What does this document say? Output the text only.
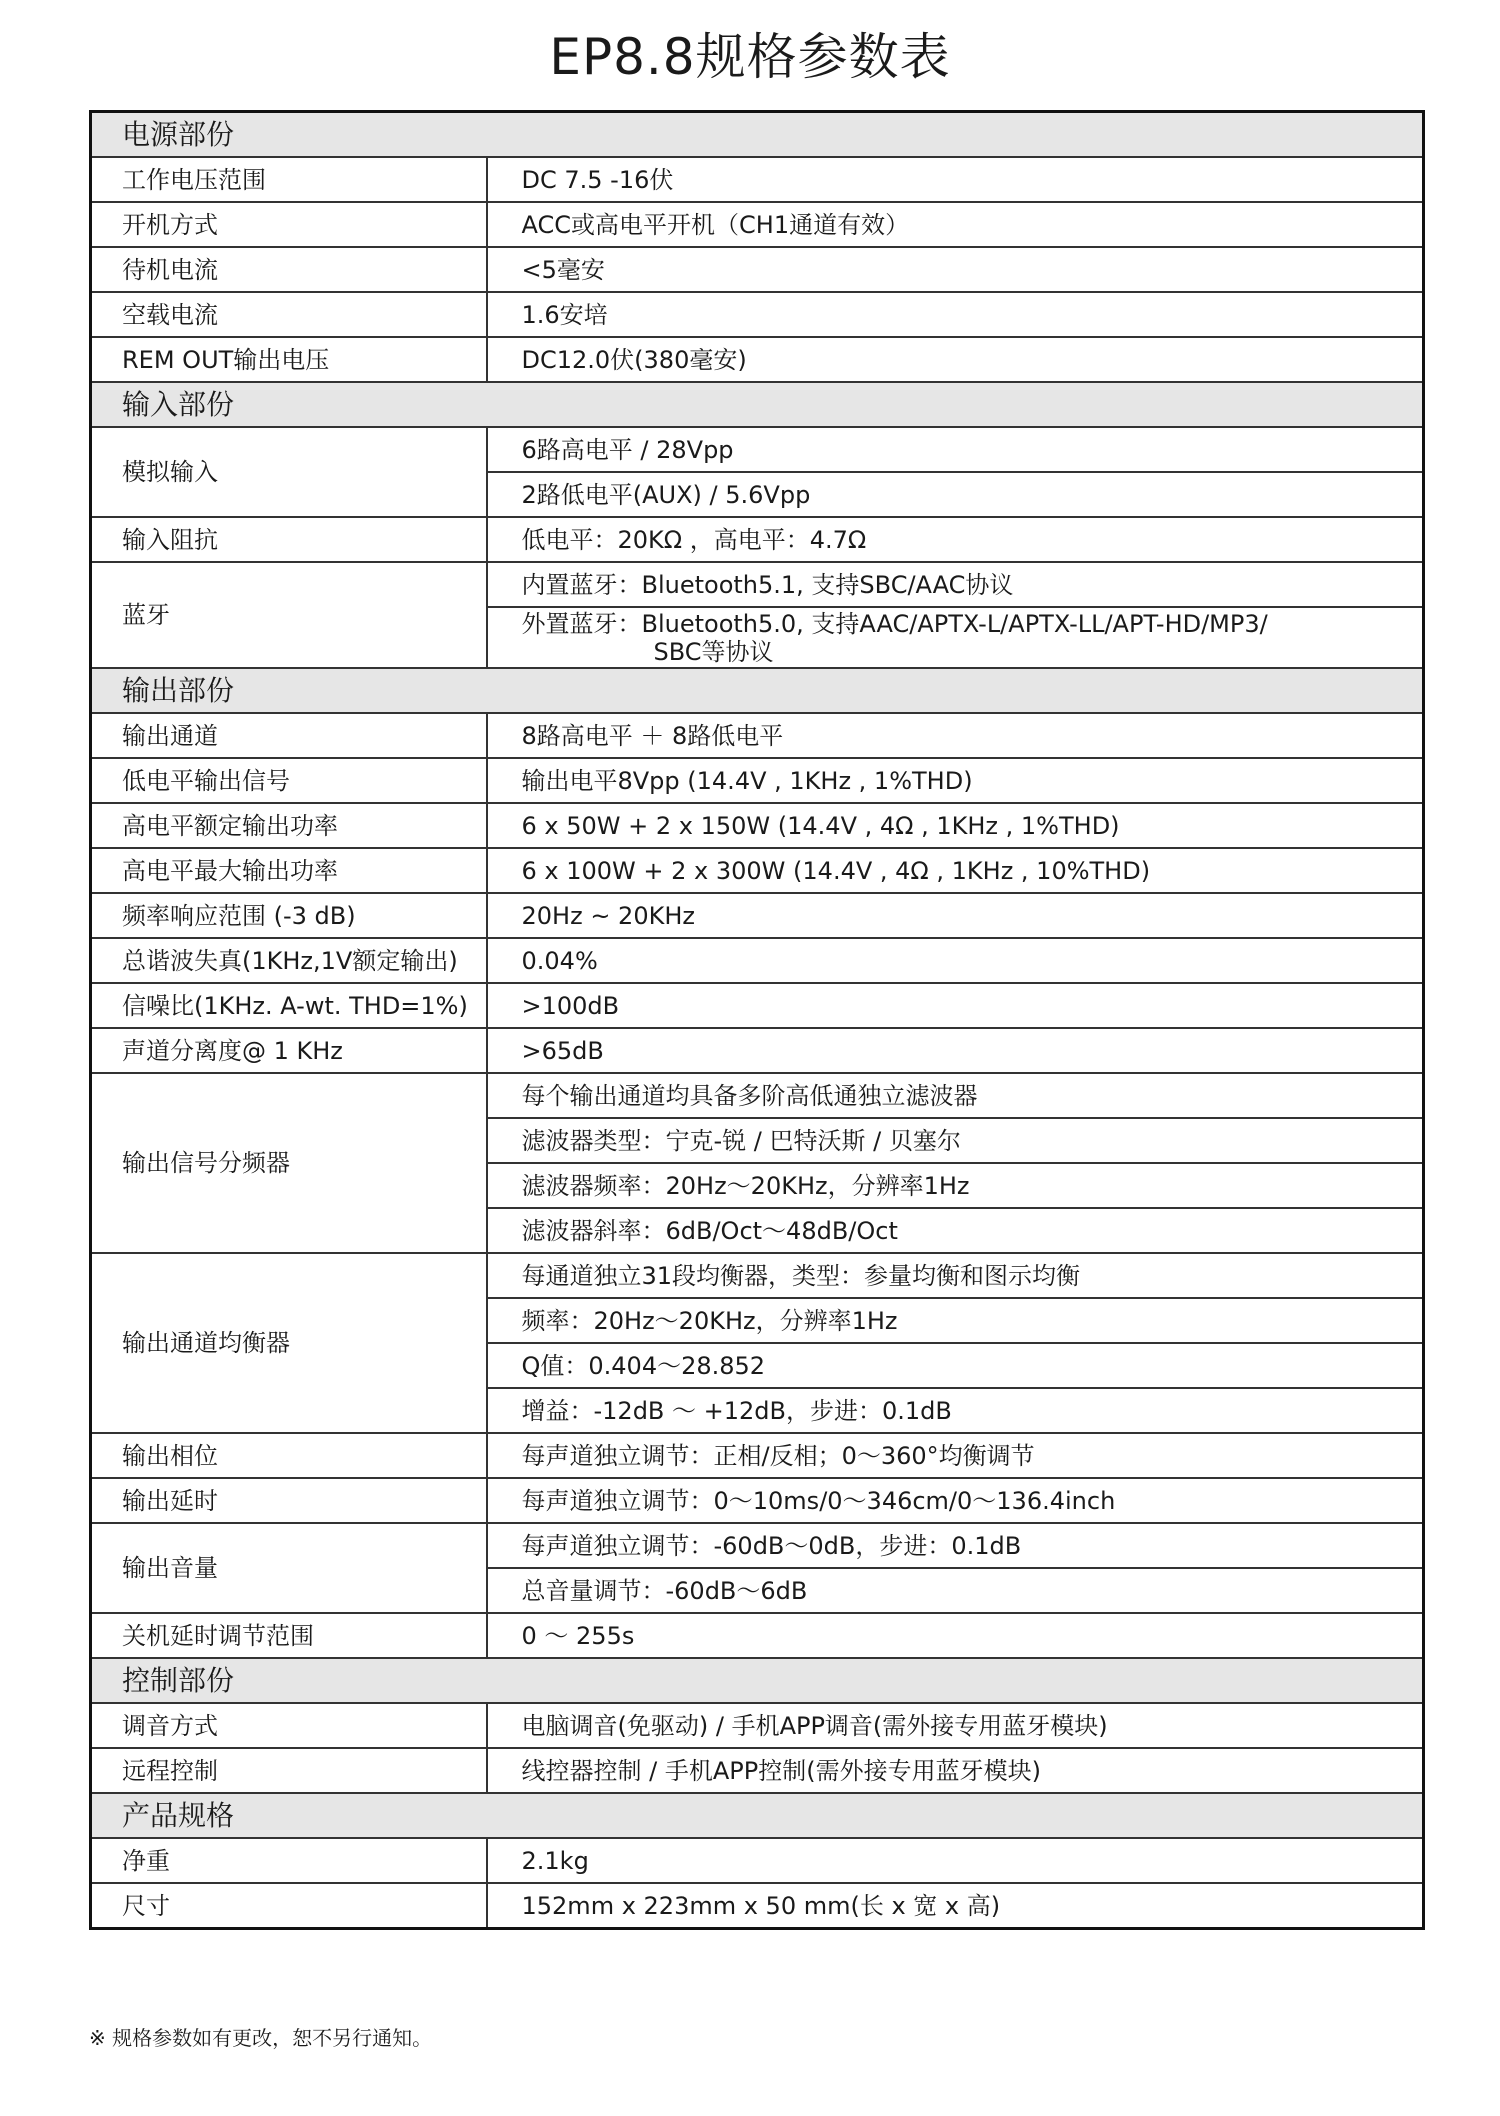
EP8.8规格参数表
电源部份	
工作电压范围	DC 7.5 -16伏
开机方式	ACC或高电平开机（CH1通道有效）
待机电流	<5毫安
空载电流	1.6安培
REM OUT输出电压	DC12.0伏(380毫安)
输入部份	
模拟输入	6路高电平 / 28Vpp
	2路低电平(AUX) / 5.6Vpp
输入阻抗	低电平：20KΩ ，高电平：4.7Ω
蓝牙	内置蓝牙：Bluetooth5.1, 支持SBC/AAC协议

	外置蓝牙：Bluetooth5.0, 支持AAC/APTX-L/APTX-LL/APT-HD/MP3/
SBC等协议

输出部份	
输出通道	8路高电平 ＋ 8路低电平
低电平输出信号	输出电平8Vpp (14.4V , 1KHz , 1%THD)
高电平额定输出功率	6 x 50W + 2 x 150W (14.4V , 4Ω , 1KHz , 1%THD)
高电平最大输出功率	6 x 100W + 2 x 300W (14.4V , 4Ω , 1KHz , 10%THD)
频率响应范围 (-3 dB)	20Hz ~ 20KHz
总谐波失真(1KHz,1V额定输出)	0.04%
信噪比(1KHz. A-wt. THD=1%)	>100dB
声道分离度@ 1 KHz	>65dB
输出信号分频器	每个输出通道均具备多阶高低通独立滤波器
	滤波器类型：宁克-锐 / 巴特沃斯 / 贝塞尔
	滤波器频率：20Hz～20KHz，分辨率1Hz
	滤波器斜率：6dB/Oct～48dB/Oct
输出通道均衡器	每通道独立31段均衡器，类型：参量均衡和图示均衡
	频率：20Hz～20KHz，分辨率1Hz
	Q值：0.404～28.852
	增益：-12dB ～ +12dB，步进：0.1dB
输出相位	每声道独立调节：正相/反相；0～360°均衡调节
输出延时	每声道独立调节：0～10ms/0～346cm/0～136.4inch
输出音量	每声道独立调节：-60dB～0dB，步进：0.1dB
	总音量调节：-60dB～6dB
关机延时调节范围	0 ～ 255s
控制部份	
调音方式	电脑调音(免驱动) / 手机APP调音(需外接专用蓝牙模块)
远程控制	线控器控制 / 手机APP控制(需外接专用蓝牙模块)
产品规格	
净重	2.1kg
尺寸	152mm x 223mm x 50 mm(长 x 宽 x 高)
※ 规格参数如有更改，恕不另行通知。
